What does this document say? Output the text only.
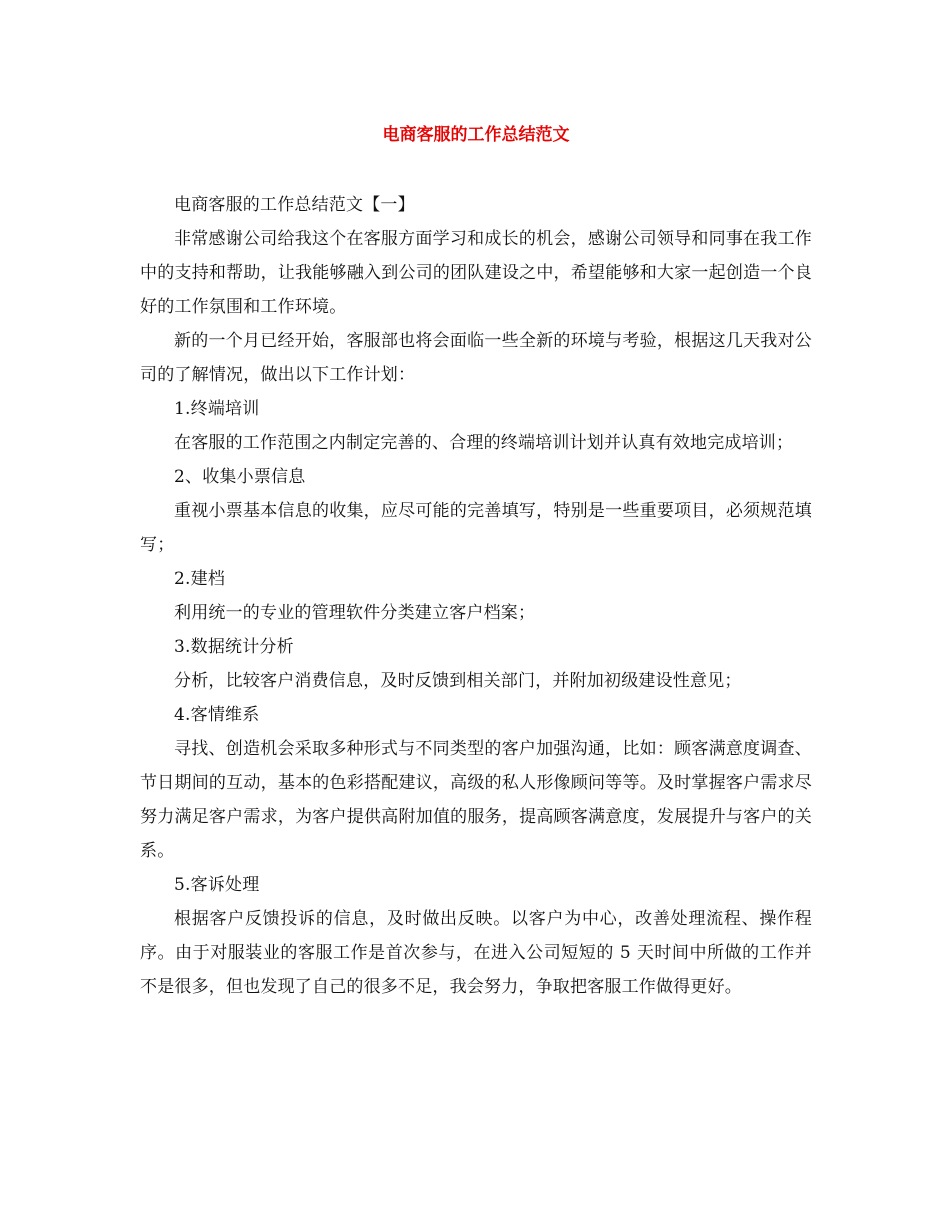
电商客服的工作总结范文

电商客服的工作总结范文【一】

非常感谢公司给我这个在客服方面学习和成长的机会，感谢公司领导和同事在我工作中的支持和帮助，让我能够融入到公司的团队建设之中，希望能够和大家一起创造一个良好的工作氛围和工作环境。

新的一个月已经开始，客服部也将会面临一些全新的环境与考验，根据这几天我对公司的了解情况，做出以下工作计划：

1.终端培训

在客服的工作范围之内制定完善的、合理的终端培训计划并认真有效地完成培训；

2、收集小票信息

重视小票基本信息的收集，应尽可能的完善填写，特别是一些重要项目，必须规范填写；

2.建档

利用统一的专业的管理软件分类建立客户档案；

3.数据统计分析

分析，比较客户消费信息，及时反馈到相关部门，并附加初级建设性意见；

4.客情维系

寻找、创造机会采取多种形式与不同类型的客户加强沟通，比如：顾客满意度调查、节日期间的互动，基本的色彩搭配建议，高级的私人形像顾问等等。及时掌握客户需求尽努力满足客户需求，为客户提供高附加值的服务，提高顾客满意度，发展提升与客户的关系。

5.客诉处理

根据客户反馈投诉的信息，及时做出反映。以客户为中心，改善处理流程、操作程序。由于对服装业的客服工作是首次参与，在进入公司短短的 5 天时间中所做的工作并不是很多，但也发现了自己的很多不足，我会努力，争取把客服工作做得更好。
